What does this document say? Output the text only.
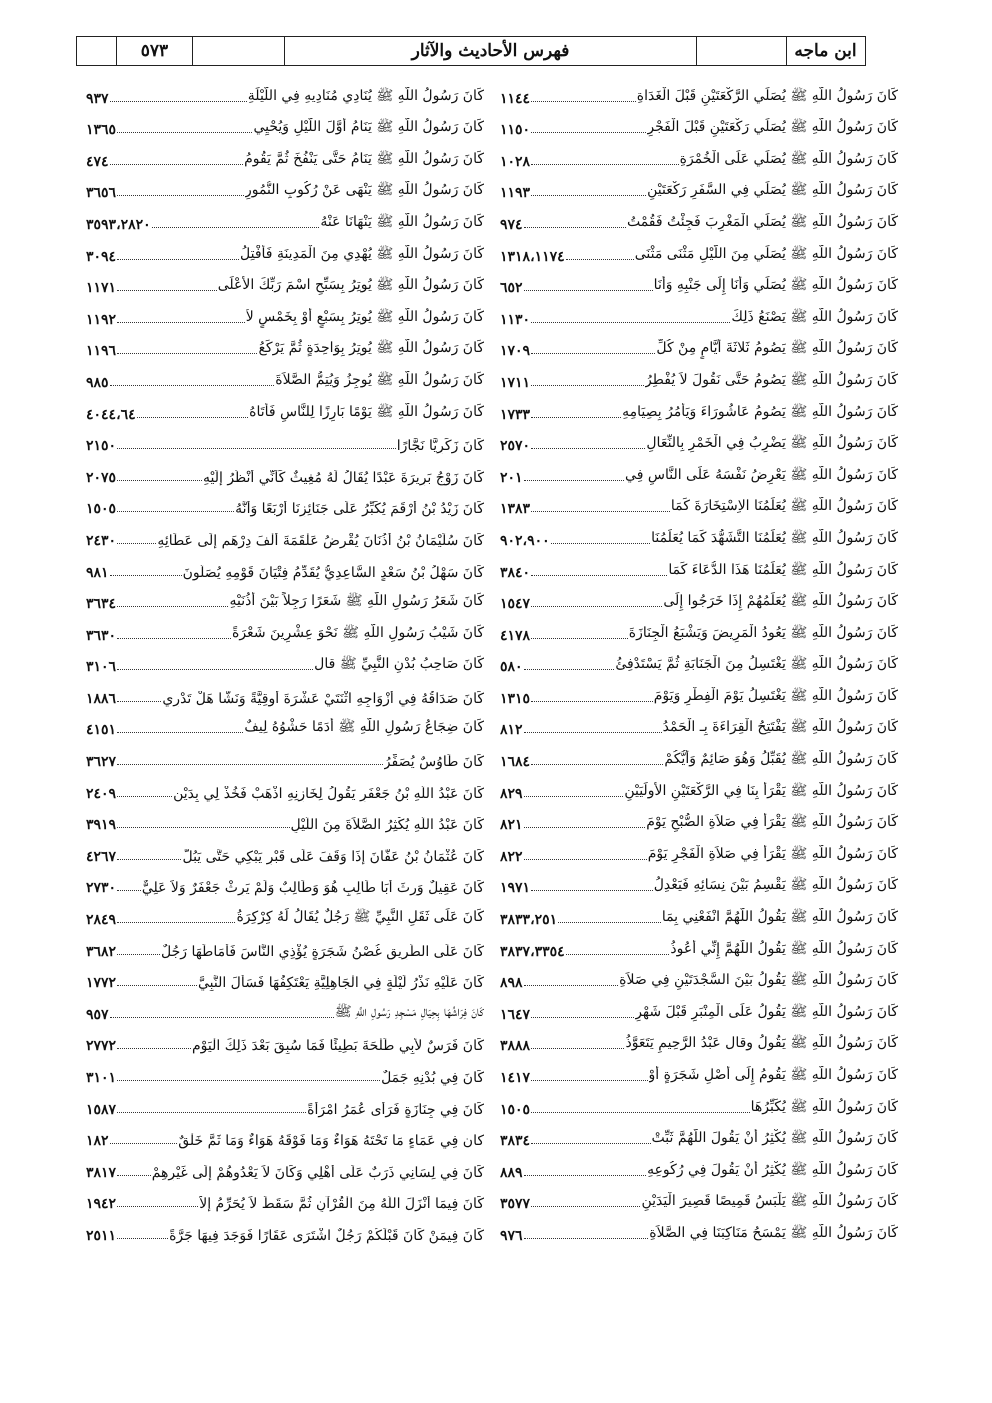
٥٧٣	فهرس الأحاديث والآثار	ابن ماجه
كَانَ رَسُولُ اللَّهِ ﷺ يُنَادِي مُنَادِيهِ فِي اللَّيْلَةِ
٩٣٧
كَانَ رَسُولُ اللَّهِ ﷺ يَنَامُ أَوَّلَ اللَّيْلِ وَيُحْيِي
١٣٦٥
كَانَ رَسُولُ اللَّهِ ﷺ يَنَامُ حَتَّى يَنْفُخَ ثُمَّ يَقُومُ
٤٧٤
كَانَ رَسُولُ اللَّهِ ﷺ يَنْهَى عَنْ رُكُوبِ النُّمُورِ
٣٦٥٦
كَانَ رَسُولُ اللَّهِ ﷺ يَنْهَانَا عَنْهُ
٣٥٩٣،٢٨٢٠
كَانَ رَسُولُ اللَّهِ ﷺ يُهْدِي مِنَ الْمَدِينَةِ فَأَفْتِلُ
٣٠٩٤
كَانَ رَسُولُ اللَّهِ ﷺ يُوتِرُ بِسَبِّحِ اسْمَ رَبِّكَ الأَعْلَى
١١٧١
كَانَ رَسُولُ اللَّهِ ﷺ يُوتِرُ بِسَبْعٍ أَوْ بِخَمْسٍ لاَ
١١٩٢
كَانَ رَسُولُ اللَّهِ ﷺ يُوتِرُ بِوَاحِدَةٍ ثُمَّ يَرْكَعُ
١١٩٦
كَانَ رَسُولُ اللَّهِ ﷺ يُوجِزُ وَيُتِمُّ الصَّلاَةَ
٩٨٥
كَانَ رَسُولُ اللَّهِ ﷺ يَوْمًا بَارِزًا لِلنَّاسِ فَأَتَاهُ
٤٠٤٤،٦٤
كَانَ زَكَرِيَّا نَجَّارًا
٢١٥٠
كَانَ زَوْجُ بَرِيرَةَ عَبْدًا يُقَالُ لَهُ مُغِيثٌ كَأَنِّي أَنْظُرُ إِلَيْهِ
٢٠٧٥
كَانَ زَيْدُ بْنُ أَرْقَمَ يُكَبِّرُ عَلَى جَنَائِزِنَا أَرْبَعًا وَأَنَّهُ
١٥٠٥
كَانَ سُلَيْمَانُ بْنُ أُذُنَانَ يُقْرِضُ عَلْقَمَةَ أَلْفَ دِرْهَمٍ إِلَى عَطَائِهِ
٢٤٣٠
كَانَ سَهْلُ بْنُ سَعْدٍ السَّاعِدِيُّ يُقَدِّمُ فِتْيَانَ قَوْمِهِ يُصَلُّونَ
٩٨١
كَانَ شَعَرُ رَسُولِ اللَّهِ ﷺ شَعَرًا رَجِلاً بَيْنَ أُذُنَيْهِ
٣٦٣٤
كَانَ شَيْبُ رَسُولِ اللَّهِ ﷺ نَحْوَ عِشْرِينَ شَعْرَةً
٣٦٣٠
كَانَ صَاحِبُ بُدْنِ النَّبِيِّ ﷺ قال
٣١٠٦
كَانَ صَدَاقُهُ فِي أَزْوَاجِهِ اثْنَتَيْ عَشْرَةَ أُوقِيَّةً وَنَشًّا هَلْ تَدْرِي
١٨٨٦
كَانَ ضِجَاعُ رَسُولِ اللَّهِ ﷺ أَدَمًا حَشْوُهُ لِيفٌ
٤١٥١
كَانَ طَاوُسٌ يُصَفِّرُ
٣٦٢٧
كَانَ عَبْدُ اللَّهِ بْنُ جَعْفَرٍ يَقُولُ لِخَازِنِهِ اذْهَبْ فَخُذْ لِي بِدَيْنٍ
٢٤٠٩
كَانَ عَبْدُ اللَّهِ يُكْثِرُ الصَّلاَةَ مِنَ اللَّيْلِ
٣٩١٩
كَانَ عُثْمَانُ بْنُ عَفَّانَ إِذَا وَقَفَ عَلَى قَبْرٍ يَبْكِي حَتَّى يَبُلَّ
٤٢٦٧
كَانَ عَقِيلٌ وَرِثَ أَبَا طَالِبٍ هُوَ وَطَالِبٌ وَلَمْ يَرِثْ جَعْفَرٌ وَلاَ عَلِيٌّ
٢٧٣٠
كَانَ عَلَى ثَقَلِ النَّبِيِّ ﷺ رَجُلٌ يُقَالُ لَهُ كِرْكِرَةُ
٢٨٤٩
كَانَ عَلَى الطَّرِيقِ غُصْنُ شَجَرَةٍ يُؤْذِي النَّاسَ فَأَمَاطَهَا رَجُلٌ
٣٦٨٢
كَانَ عَلَيْهِ نَذْرُ لَيْلَةٍ فِي الْجَاهِلِيَّةِ يَعْتَكِفُهَا فَسَأَلَ النَّبِيَّ
١٧٧٢
كَانَ فِرَاشُهَا بِحِيَالِ مَسْجِدِ رَسُولِ اللَّهِ ﷺ
٩٥٧
كَانَ فَرَسٌ لأَبِي طَلْحَةَ بَطِيئًا فَمَا سُبِقَ بَعْدَ ذَلِكَ الْيَوْمِ
٢٧٧٢
كَانَ فِي بُدْنِهِ جَمَلٌ
٣١٠١
كَانَ فِي جِنَازَةٍ فَرَأَى عُمَرُ امْرَأَةً
١٥٨٧
كان فِي عَمَاءٍ مَا تَحْتَهُ هَوَاءٌ وَمَا فَوْقَهُ هَوَاءٌ وَمَا ثَمَّ خَلْقٌ
١٨٢
كَانَ فِي لِسَانِي ذَرَبٌ عَلَى أَهْلِي وَكَانَ لاَ يَعْدُوهُمْ إِلَى غَيْرِهِمْ
٣٨١٧
كَانَ فِيمَا أَنْزَلَ اللَّهُ مِنَ الْقُرْآنِ ثُمَّ سَقَطَ لاَ يُحَرِّمُ إِلاَّ
١٩٤٢
كَانَ فِيمَنْ كَانَ قَبْلَكُمْ رَجُلٌ اشْتَرَى عَقَارًا فَوَجَدَ فِيهَا جَرَّةً
٢٥١١
كَانَ رَسُولُ اللَّهِ ﷺ يُصَلِّي الرَّكْعَتَيْنِ قَبْلَ الْغَدَاةِ
١١٤٤
كَانَ رَسُولُ اللَّهِ ﷺ يُصَلِّي رَكْعَتَيْنِ قَبْلَ الْفَجْرِ
١١٥٠
كَانَ رَسُولُ اللَّهِ ﷺ يُصَلِّي عَلَى الْخُمْرَةِ
١٠٢٨
كَانَ رَسُولُ اللَّهِ ﷺ يُصَلِّي فِي السَّفَرِ رَكْعَتَيْنِ
١١٩٣
كَانَ رَسُولُ اللَّهِ ﷺ يُصَلِّي الْمَغْرِبَ فَجِئْتُ فَقُمْتُ
٩٧٤
كَانَ رَسُولُ اللَّهِ ﷺ يُصَلِّي مِنَ اللَّيْلِ مَثْنَى مَثْنَى
١٣١٨،١١٧٤
كَانَ رَسُولُ اللَّهِ ﷺ يُصَلِّي وَأَنَا إِلَى جَنْبِهِ وَأَنَا
٦٥٢
كَانَ رَسُولُ اللَّهِ ﷺ يَصْنَعُ ذَلِكَ
١١٣٠
كَانَ رَسُولُ اللَّهِ ﷺ يَصُومُ ثَلاثَةَ أَيَّامٍ مِنْ كُلِّ
١٧٠٩
كَانَ رَسُولُ اللَّهِ ﷺ يَصُومُ حَتَّى نَقُولَ لاَ يُفْطِرُ
١٧١١
كَانَ رَسُولُ اللَّهِ ﷺ يَصُومُ عَاشُورَاءَ وَيَأْمُرُ بِصِيَامِهِ
١٧٣٣
كَانَ رَسُولُ اللَّهِ ﷺ يَضْرِبُ فِي الْخَمْرِ بِالنِّعَالِ
٢٥٧٠
كَانَ رَسُولُ اللَّهِ ﷺ يَعْرِضُ نَفْسَهُ عَلَى النَّاسِ فِي
٢٠١
كَانَ رَسُولُ اللَّهِ ﷺ يُعَلِّمُنَا الاِسْتِخَارَةَ كَمَا
١٣٨٣
كَانَ رَسُولُ اللَّهِ ﷺ يُعَلِّمُنَا التَّشَهُّدَ كَمَا يُعَلِّمُنَا
٩٠٢،٩٠٠
كَانَ رَسُولُ اللَّهِ ﷺ يُعَلِّمُنَا هَذَا الدُّعَاءَ كَمَا
٣٨٤٠
كَانَ رَسُولُ اللَّهِ ﷺ يُعَلِّمُهُمْ إِذَا خَرَجُوا إِلَى
١٥٤٧
كَانَ رَسُولُ اللَّهِ ﷺ يَعُودُ الْمَرِيضَ وَيَشْبَعُ الْجِنَازَةَ
٤١٧٨
كَانَ رَسُولُ اللَّهِ ﷺ يَغْتَسِلُ مِنَ الْجَنَابَةِ ثُمَّ يَسْتَدْفِئُ
٥٨٠
كَانَ رَسُولُ اللَّهِ ﷺ يَغْتَسِلُ يَوْمَ الْفِطْرِ وَيَوْمَ
١٣١٥
كَانَ رَسُولُ اللَّهِ ﷺ يَفْتَتِحُ الْقِرَاءَةَ بِـ الْحَمْدُ
٨١٢
كَانَ رَسُولُ اللَّهِ ﷺ يُقَبِّلُ وَهُوَ صَائِمٌ وَأَيُّكُمْ
١٦٨٤
كَانَ رَسُولُ اللَّهِ ﷺ يَقْرَأُ بِنَا فِي الرَّكْعَتَيْنِ الأُولَيَيْنِ
٨٢٩
كَانَ رَسُولُ اللَّهِ ﷺ يَقْرَأُ فِي صَلاَةِ الصُّبْحِ يَوْمَ
٨٢١
كَانَ رَسُولُ اللَّهِ ﷺ يَقْرَأُ فِي صَلاَةِ الْفَجْرِ يَوْمَ
٨٢٢
كَانَ رَسُولُ اللَّهِ ﷺ يَقْسِمُ بَيْنَ نِسَائِهِ فَيَعْدِلُ
١٩٧١
كَانَ رَسُولُ اللَّهِ ﷺ يَقُولُ اللَّهُمَّ انْفَعْنِي بِمَا
٣٨٣٣،٢٥١
كَانَ رَسُولُ اللَّهِ ﷺ يَقُولُ اللَّهُمَّ إِنِّي أَعُوذُ
٣٨٣٧،٣٣٥٤
كَانَ رَسُولُ اللَّهِ ﷺ يَقُولُ بَيْنَ السَّجْدَتَيْنِ فِي صَلاَةِ
٨٩٨
كَانَ رَسُولُ اللَّهِ ﷺ يَقُولُ عَلَى الْمِنْبَرِ قَبْلَ شَهْرِ
١٦٤٧
كَانَ رَسُولُ اللَّهِ ﷺ يَقُولُ وقال عَبْدُ الرَّحِيمِ يَتَعَوَّذُ
٣٨٨٨
كَانَ رَسُولُ اللَّهِ ﷺ يَقُومُ إِلَى أَصْلِ شَجَرَةٍ أَوْ
١٤١٧
كَانَ رَسُولُ اللَّهِ ﷺ يُكَبِّرُهَا
١٥٠٥
كَانَ رَسُولُ اللَّهِ ﷺ يُكْثِرُ أَنْ يَقُولَ اللَّهُمَّ ثَبِّتْ
٣٨٣٤
كَانَ رَسُولُ اللَّهِ ﷺ يُكْثِرُ أَنْ يَقُولَ فِي رُكُوعِهِ
٨٨٩
كَانَ رَسُولُ اللَّهِ ﷺ يَلْبَسُ قَمِيصًا قَصِيرَ الْيَدَيْنِ
٣٥٧٧
كَانَ رَسُولُ اللَّهِ ﷺ يَمْسَحُ مَنَاكِبَنَا فِي الصَّلاَةِ
٩٧٦
